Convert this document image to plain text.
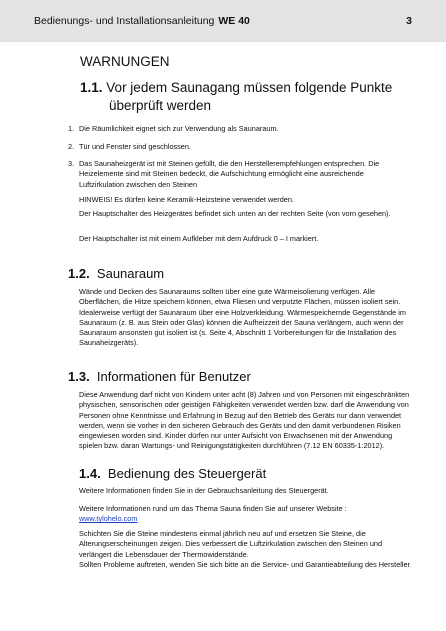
Bedienungs- und Installationsanleitung WE 40	3
WARNUNGEN
1.1. Vor jedem Saunagang müssen folgende Punkte
überprüft werden
1. Die Räumlichkeit eignet sich zur Verwendung als Saunaraum.
2. Tür und Fenster sind geschlossen.
3. Das Saunaheizgerät ist mit Steinen gefüllt, die den Herstellerempfehlungen entsprechen. Die Heizelemente sind mit Steinen bedeckt, die Aufschichtung ermöglicht eine ausreichende Luftzirkulation zwischen den Steinen
HINWEIS! Es dürfen keine Keramik-Heizsteine verwendet werden.
Der Hauptschalter des Heizgerätes befindet sich unten an der rechten Seite (von vorn gesehen).
Der Hauptschalter ist mit einem Aufkleber mit dem Aufdruck 0 – I markiert.
1.2. Saunaraum
Wände und Decken des Saunaraums sollten über eine gute Wärmeisolierung verfügen. Alle Oberflächen, die Hitze speichern können, etwa Fliesen und verputzte Flächen, müssen isoliert sein. Idealerweise verfügt der Saunaraum über eine Holzverkleidung. Wärmespeichernde Gegenstände im Saunaraum (z. B. aus Stein oder Glas) können die Aufheizzeit der Sauna verlängern, auch wenn der Saunaraum ansonsten gut isoliert ist (s. Seite 4, Abschnitt 1 Vorbereitungen für die Installation des Saunaheizgeräts).
1.3. Informationen für Benutzer
Diese Anwendung darf nicht von Kindern unter acht (8) Jahren und von Personen mit eingeschränkten physischen, sensorischen oder geistigen Fähigkeiten verwendet werden bzw. darf die Anwendung von Personen ohne Kenntnisse und Erfahrung in Bezug auf den Betrieb des Geräts nur dann verwendet werden, wenn sie vorher in den sicheren Gebrauch des Geräts und den damit verbundenen Risiken eingewiesen worden sind. Kinder dürfen nur unter Aufsicht von Erwachsenen mit der Anwendung spielen bzw. daran Wartungs- und Reinigungstätigkeiten durchführen (7.12 EN 60335-1:2012).
1.4. Bedienung des Steuergerät
Weitere Informationen finden Sie in der Gebrauchsanleitung des Steuergerät.
Weitere Informationen rund um das Thema Sauna finden Sie auf unserer Website :
www.tylohelo.com
Schichten Sie die Steine mindestens einmal jährlich neu auf und ersetzen Sie Steine, die Alterungserscheinungen zeigen. Dies verbessert die Luftzirkulation zwischen den Steinen und verlängert die Lebensdauer der Thermowiderstände.
Sollten Probleme auftreten, wenden Sie sich bitte an die Service- und Garantieabteilung des Hersteller
